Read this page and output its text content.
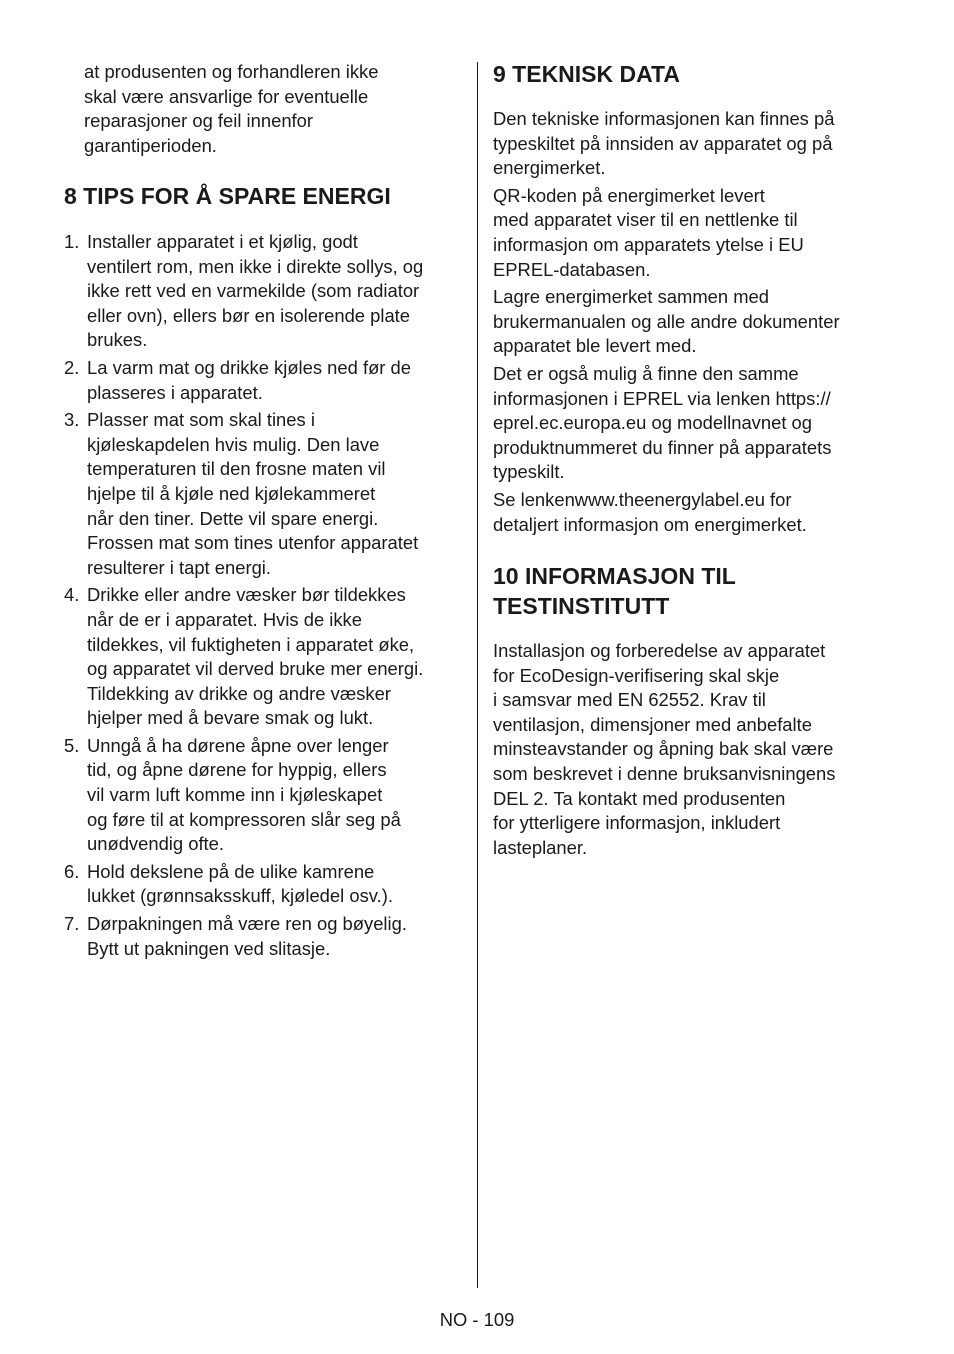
at produsenten og forhandleren ikke
skal være ansvarlige for eventuelle
reparasjoner og feil innenfor
garantiperioden.

8 TIPS FOR Å SPARE ENERGI
1. Installer apparatet i et kjølig, godt
ventilert rom, men ikke i direkte sollys, og
ikke rett ved en varmekilde (som radiator
eller ovn), ellers bør en isolerende plate
brukes.
2. La varm mat og drikke kjøles ned før de
plasseres i apparatet.
3. Plasser mat som skal tines i
kjøleskapdelen hvis mulig. Den lave
temperaturen til den frosne maten vil
hjelpe til å kjøle ned kjølekammeret
når den tiner. Dette vil spare energi.
Frossen mat som tines utenfor apparatet
resulterer i tapt energi.
4. Drikke eller andre væsker bør tildekkes
når de er i apparatet. Hvis de ikke
tildekkes, vil fuktigheten i apparatet øke,
og apparatet vil derved bruke mer energi.
Tildekking av drikke og andre væsker
hjelper med å bevare smak og lukt.
5. Unngå å ha dørene åpne over lenger
tid, og åpne dørene for hyppig, ellers
vil varm luft komme inn i kjøleskapet
og føre til at kompressoren slår seg på
unødvendig ofte.
6. Hold dekslene på de ulike kamrene
lukket (grønnsaksskuff, kjøledel osv.).
7. Dørpakningen må være ren og bøyelig.
Bytt ut pakningen ved slitasje.
9 TEKNISK DATA

Den tekniske informasjonen kan finnes på
typeskiltet på innsiden av apparatet og på
energimerket.

QR-koden på energimerket levert
med apparatet viser til en nettlenke til
informasjon om apparatets ytelse i EU
EPREL-databasen.

Lagre energimerket sammen med
brukermanualen og alle andre dokumenter
apparatet ble levert med.

Det er også mulig å finne den samme
informasjonen i EPREL via lenken https://
eprel.ec.europa.eu og modellnavnet og
produktnummeret du finner på apparatets
typeskilt.

Se lenkenwww.theenergylabel.eu for
detaljert informasjon om energimerket.

10 INFORMASJON TIL
TESTINSTITUTT

Installasjon og forberedelse av apparatet
for EcoDesign-verifisering skal skje
i samsvar med EN 62552. Krav til
ventilasjon, dimensjoner med anbefalte
minsteavstander og åpning bak skal være
som beskrevet i denne bruksanvisningens
DEL 2. Ta kontakt med produsenten
for ytterligere informasjon, inkludert
lasteplaner.

NO - 109
